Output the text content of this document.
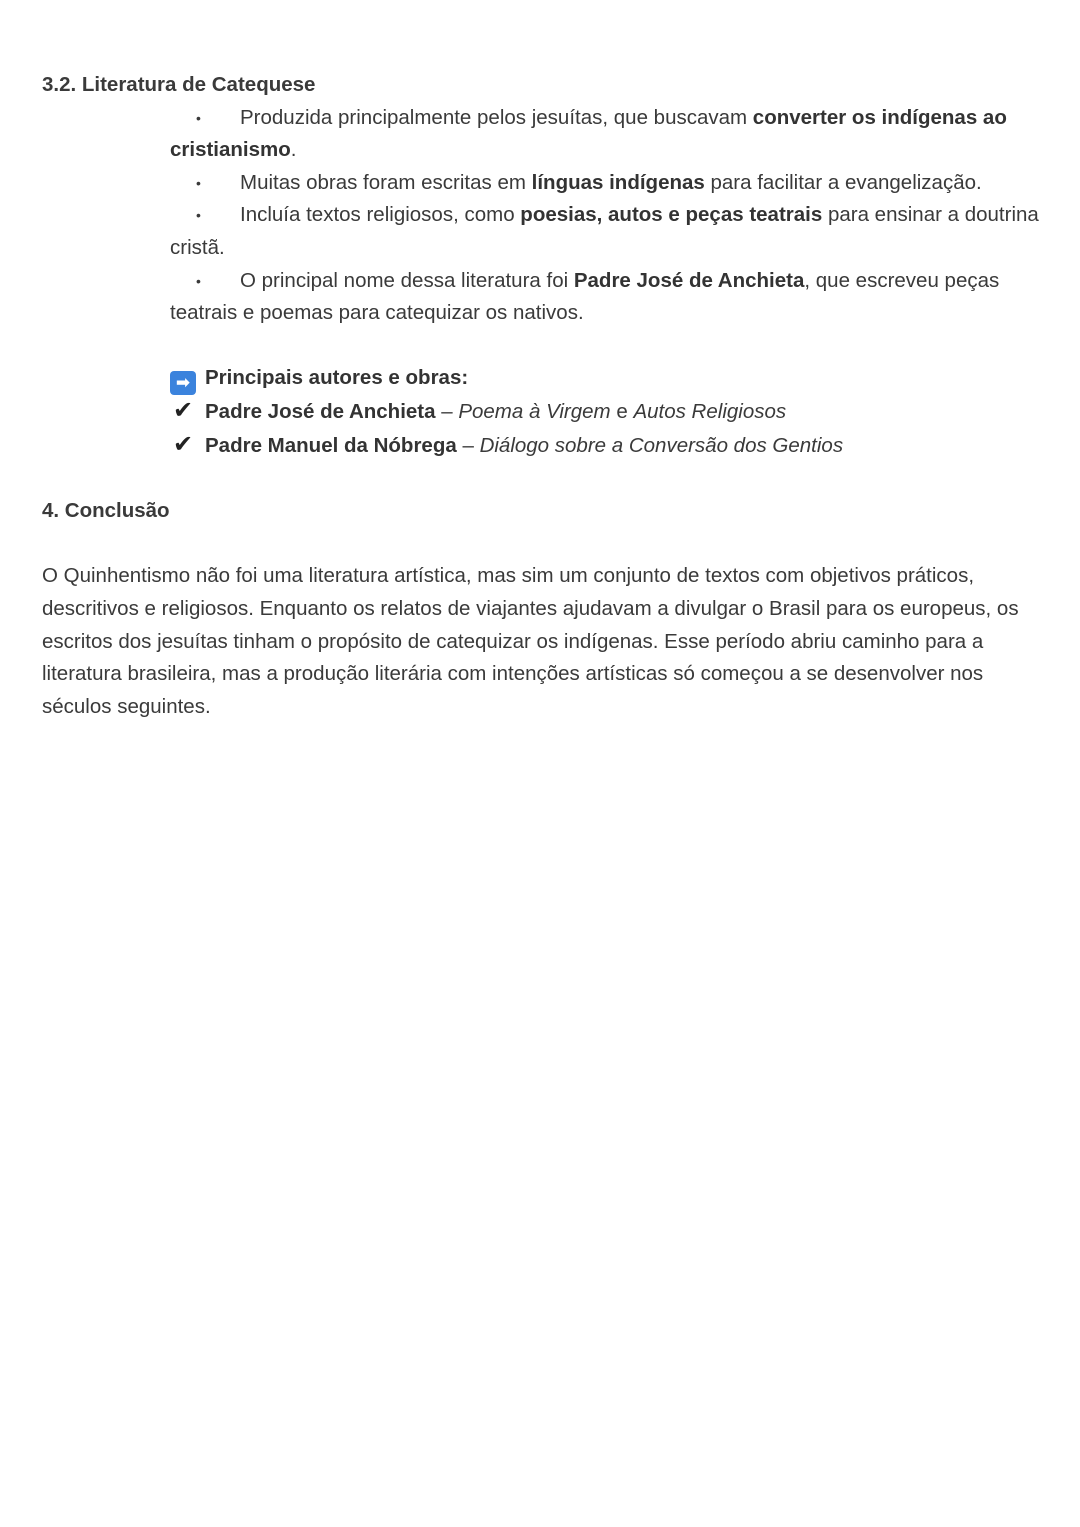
3.2. Literatura de Catequese

• Produzida principalmente pelos jesuítas, que buscavam converter os indígenas ao cristianismo.

• Muitas obras foram escritas em línguas indígenas para facilitar a evangelização.

• Incluía textos religiosos, como poesias, autos e peças teatrais para ensinar a doutrina cristã.

• O principal nome dessa literatura foi Padre José de Anchieta, que escreveu peças teatrais e poemas para catequizar os nativos.

➡ Principais autores e obras:

✔ Padre José de Anchieta – Poema à Virgem e Autos Religiosos

✔ Padre Manuel da Nóbrega – Diálogo sobre a Conversão dos Gentios

4. Conclusão

O Quinhentismo não foi uma literatura artística, mas sim um conjunto de textos com objetivos práticos, descritivos e religiosos. Enquanto os relatos de viajantes ajudavam a divulgar o Brasil para os europeus, os escritos dos jesuítas tinham o propósito de catequizar os indígenas. Esse período abriu caminho para a literatura brasileira, mas a produção literária com intenções artísticas só começou a se desenvolver nos séculos seguintes.
